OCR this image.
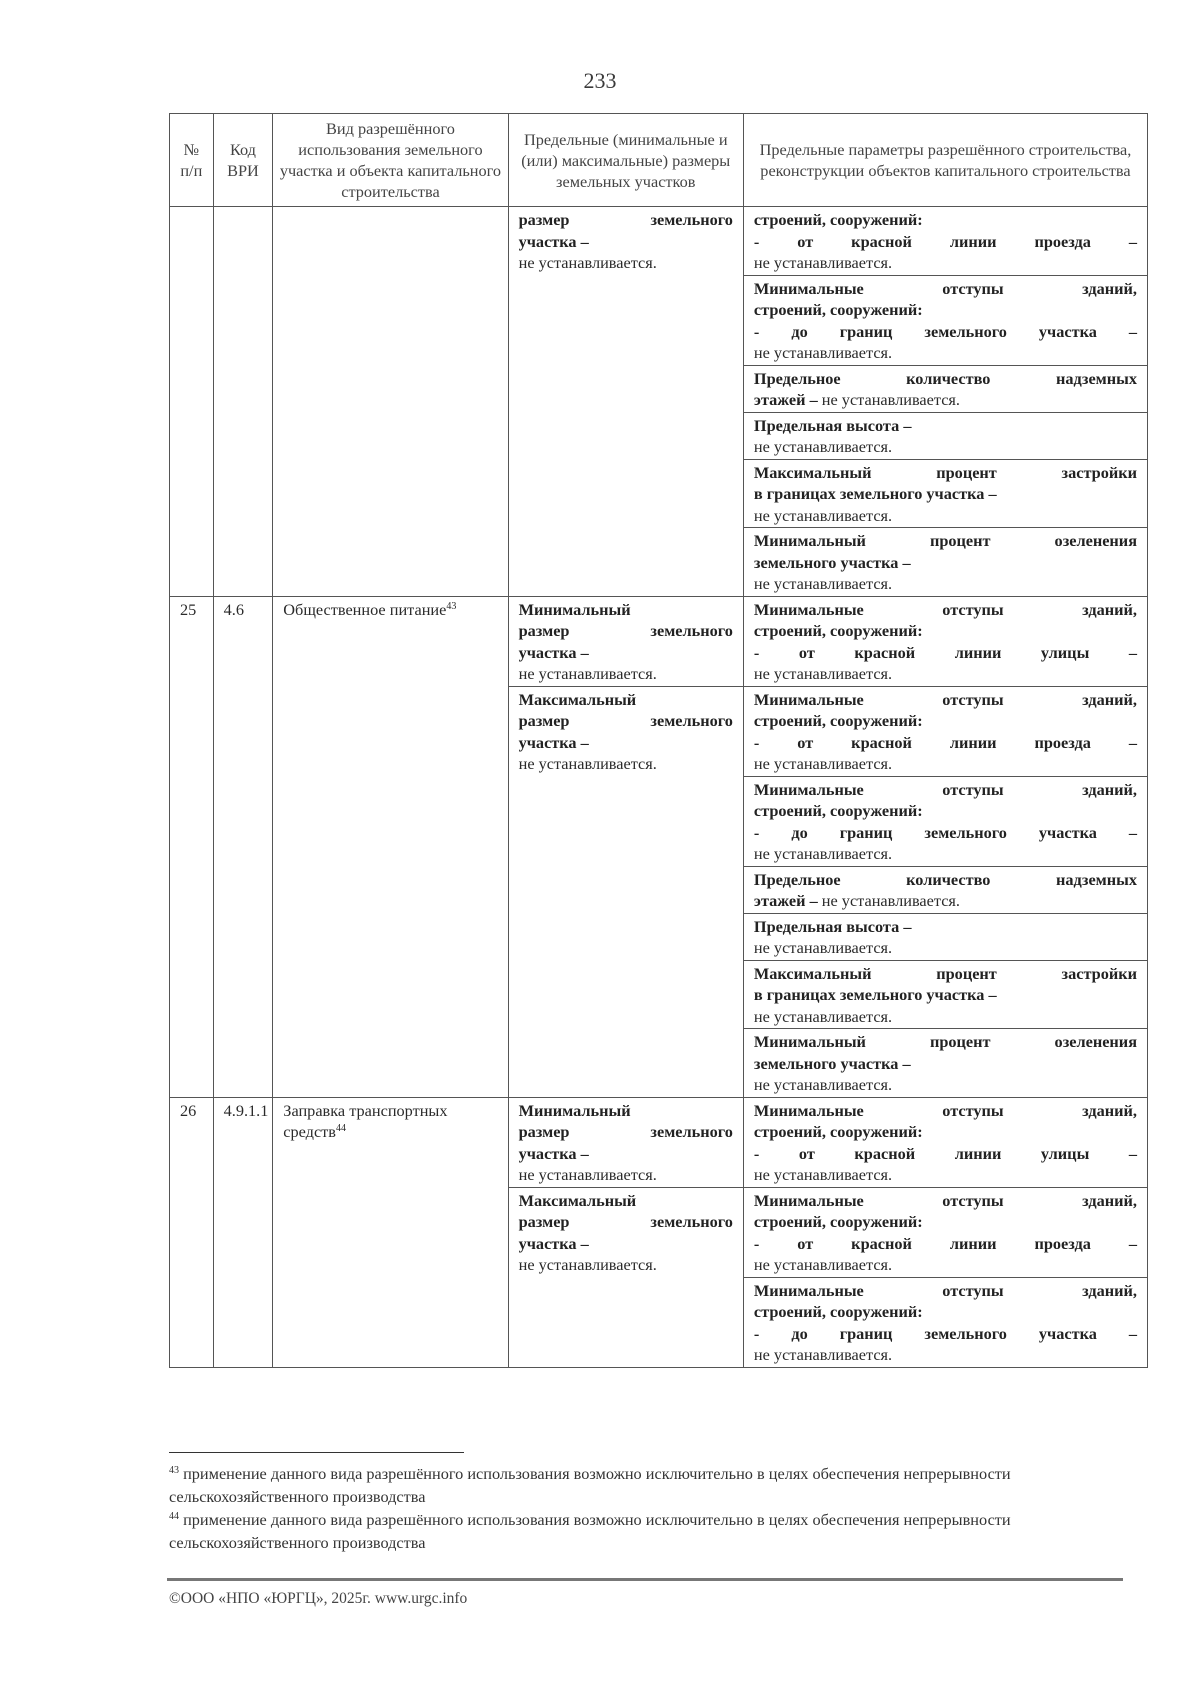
233
№ п/п	Код ВРИ	Вид разрешённого использования земельного участка и объекта капитального строительства	Предельные (минимальные и (или) максимальные) размеры земельных участков	Предельные параметры разрешённого строительства, реконструкции объектов капитального строительства

			размер земельного
участка –
не устанавливается.	строений, сооружений:
- от красной линии проезда –
не устанавливается.

				Минимальные отступы зданий,
строений, сооружений:
- до границ земельного участка –
не устанавливается.

				Предельное количество надземных
этажей – не устанавливается.

				Предельная высота –
не устанавливается.

				Максимальный процент застройки
в границах земельного участка –
не устанавливается.

				Минимальный процент озеленения
земельного участка –
не устанавливается.

25	4.6	Общественное питание$^{43}$	Минимальный
размер земельного
участка –
не устанавливается.	Минимальные отступы зданий,
строений, сооружений:
- от красной линии улицы –
не устанавливается.

			Максимальный
размер земельного
участка –
не устанавливается.	Минимальные отступы зданий,
строений, сооружений:
- от красной линии проезда –
не устанавливается.

				Минимальные отступы зданий,
строений, сооружений:
- до границ земельного участка –
не устанавливается.

				Предельное количество надземных
этажей – не устанавливается.

				Предельная высота –
не устанавливается.

				Максимальный процент застройки
в границах земельного участка –
не устанавливается.

				Минимальный процент озеленения
земельного участка –
не устанавливается.

26	4.9.1.1	Заправка транспортных средств$^{44}$	Минимальный
размер земельного
участка –
не устанавливается.	Минимальные отступы зданий,
строений, сооружений:
- от красной линии улицы –
не устанавливается.

			Максимальный
размер земельного
участка –
не устанавливается.	Минимальные отступы зданий,
строений, сооружений:
- от красной линии проезда –
не устанавливается.

				Минимальные отступы зданий,
строений, сооружений:
- до границ земельного участка –
не устанавливается.

$^{43}$ применение данного вида разрешённого использования возможно исключительно в целях обеспечения непрерывности сельскохозяйственного производства

$^{44}$ применение данного вида разрешённого использования возможно исключительно в целях обеспечения непрерывности сельскохозяйственного производства

©ООО «НПО «ЮРГЦ», 2025г. www.urgc.info
